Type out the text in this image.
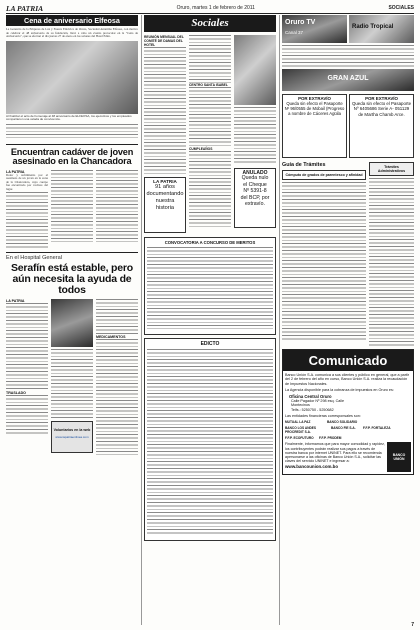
LA PATRIA	Oruro, martes 1 de febrero de 2011	SOCIALES
Cena de aniversario Elfeosa

La Gerencia de la Empresa de Luz y Fuerza Eléctrica de Oruro, Sociedad Anónima Elfeosa, con motivo de celebrar el 48 aniversario de su fundación, llevó a cabo un evento protocolar en la "Cena de Aniversario", que se efectuó el día jueves 27 de enero en los salones del Hotel Edén.

Al finalizar el acto de homenaje al 48 aniversario de ELFEOSA, los ejecutivos y los empleados compartieron una velada de convivencia.
Encuentran cadáver de joven asesinado en la Chancadora
LA PATRIA
Dolor y sufrimiento por el asesinato de un joven en la zona de la Chancadora, cuyo cuerpo fue encontrado por vecinos del lugar.
En el Hospital General
Serafín está estable, pero aún necesita la ayuda de todos
LA PATRIA
TRASLADO
Voluntarios en la web
www.lapatriaenlinea.com
MEDICAMENTOS
Sociales
REUNIÓN MENSUAL DEL COMITÉ DE DAMAS DEL HOTEL
LA PATRIA
91 años
documentando
nuestra
historia
CENTRO SANTA ISABEL
CUMPLEAÑOS
ANULADO
Queda nulo
el Cheque
Nº 5391-8
del BCP, por
extravío.
CONVOCATORIA A CONCURSO DE MERITOS
EDICTO
Oruro TV
Canal 37
Radio Tropical
GRAN AZUL
POR EXTRAVÍO
Queda sin efecto el Pasaporte Nº 96/0555 de Mobail (Progreso a nombre de Cáceres Agüila
POR EXTRAVÍO
Queda sin efecto el Pasaporte Nº 6405686 Serie A- 051129 de Martha Chamb Arce.
Guía de Trámites
Cómputo de grados de parentesco y afinidad
Trámites Administrativos
Comunicado
Banco Unión S.A. comunica a sus clientes y público en general, que a partir del 2 de febrero del año en curso, Banco Unión S.A. realiza la recaudación de Impuestos Nacionales.
La Agencia disponible para la cobranza de impuestos en Oruro es:
Oficina Central Oruro
Calle Pagador Nº 298 esq. Calle
Montecinos
Telfs.: 5250750 - 5250682
Las entidades financieras corresponsales son:
MUTUAL LA PAZ	BANCO SOLIDARIO
BANCO LOS ANDES PROCREDIT S.A.
BANCO FIE S.A.	F.F.P. FORTALEZA
F.F.P. ECOFUTURO	F.F.P. PRODEM
Finalmente, informamos que para mayor comodidad y rapidez, los contribuyentes podrán realizar sus pagos a través de nuestra banca por internet UNINET. Para ello se recomienda apersonarse a las oficinas de Banco Unión S.A., solicitar las claves del servicio UNINET e ingresar a:
www.bancounion.com.bo
BANCO UNIÓN
7
